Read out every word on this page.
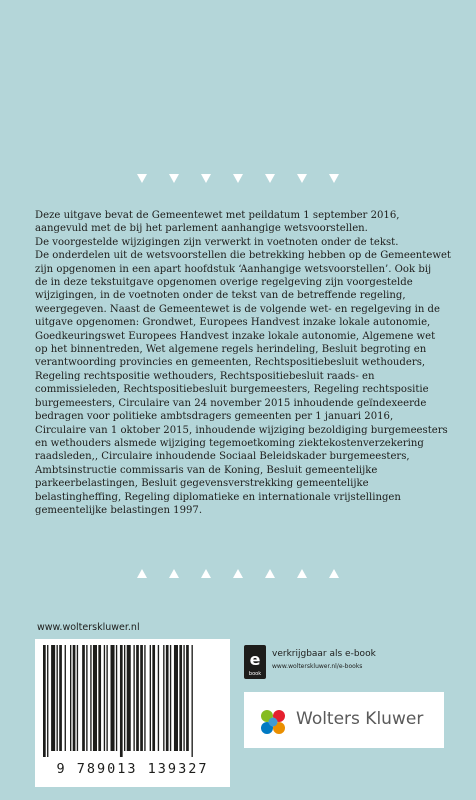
Deze uitgave bevat de Gemeentewet met peildatum 1 september 2016,

aangevuld met de bij het parlement aanhangige wetsvoorstellen.

De voorgestelde wijzigingen zijn verwerkt in voetnoten onder de tekst.

De onderdelen uit de wetsvoorstellen die betrekking hebben op de Gemeentewet

zijn opgenomen in een apart hoofdstuk ‘Aanhangige wetsvoorstellen’. Ook bij

de in deze tekstuitgave opgenomen overige regelgeving zijn voorgestelde

wijzigingen, in de voetnoten onder de tekst van de betreffende regeling,

weergegeven. Naast de Gemeentewet is de volgende wet- en regelgeving in de

uitgave opgenomen: Grondwet, Europees Handvest inzake lokale autonomie,

Goedkeuringswet Europees Handvest inzake lokale autonomie, Algemene wet

op het binnentreden, Wet algemene regels herindeling, Besluit begroting en

verantwoording provincies en gemeenten, Rechtspositiebesluit wethouders,

Regeling rechtspositie wethouders, Rechtspositiebesluit raads- en

commissieleden, Rechtspositiebesluit burgemeesters, Regeling rechtspositie

burgemeesters, Circulaire van 24 november 2015 inhoudende geïndexeerde

bedragen voor politieke ambtsdragers gemeenten per 1 januari 2016,

Circulaire van 1 oktober 2015, inhoudende wijziging bezoldiging burgemeesters

en wethouders alsmede wijziging tegemoetkoming ziektekostenverzekering

raadsleden,, Circulaire inhoudende Sociaal Beleidskader burgemeesters,

Ambtsinstructie commissaris van de Koning, Besluit gemeentelijke

parkeerbelastingen, Besluit gegevensverstrekking gemeentelijke

belastingheffing, Regeling diplomatieke en internationale vrijstellingen

gemeentelijke belastingen 1997.

www.wolterskluwer.nl
9 789013 139327
e
book
verkrijgbaar als e-book
www.wolterskluwer.nl/e-books
Wolters Kluwer
